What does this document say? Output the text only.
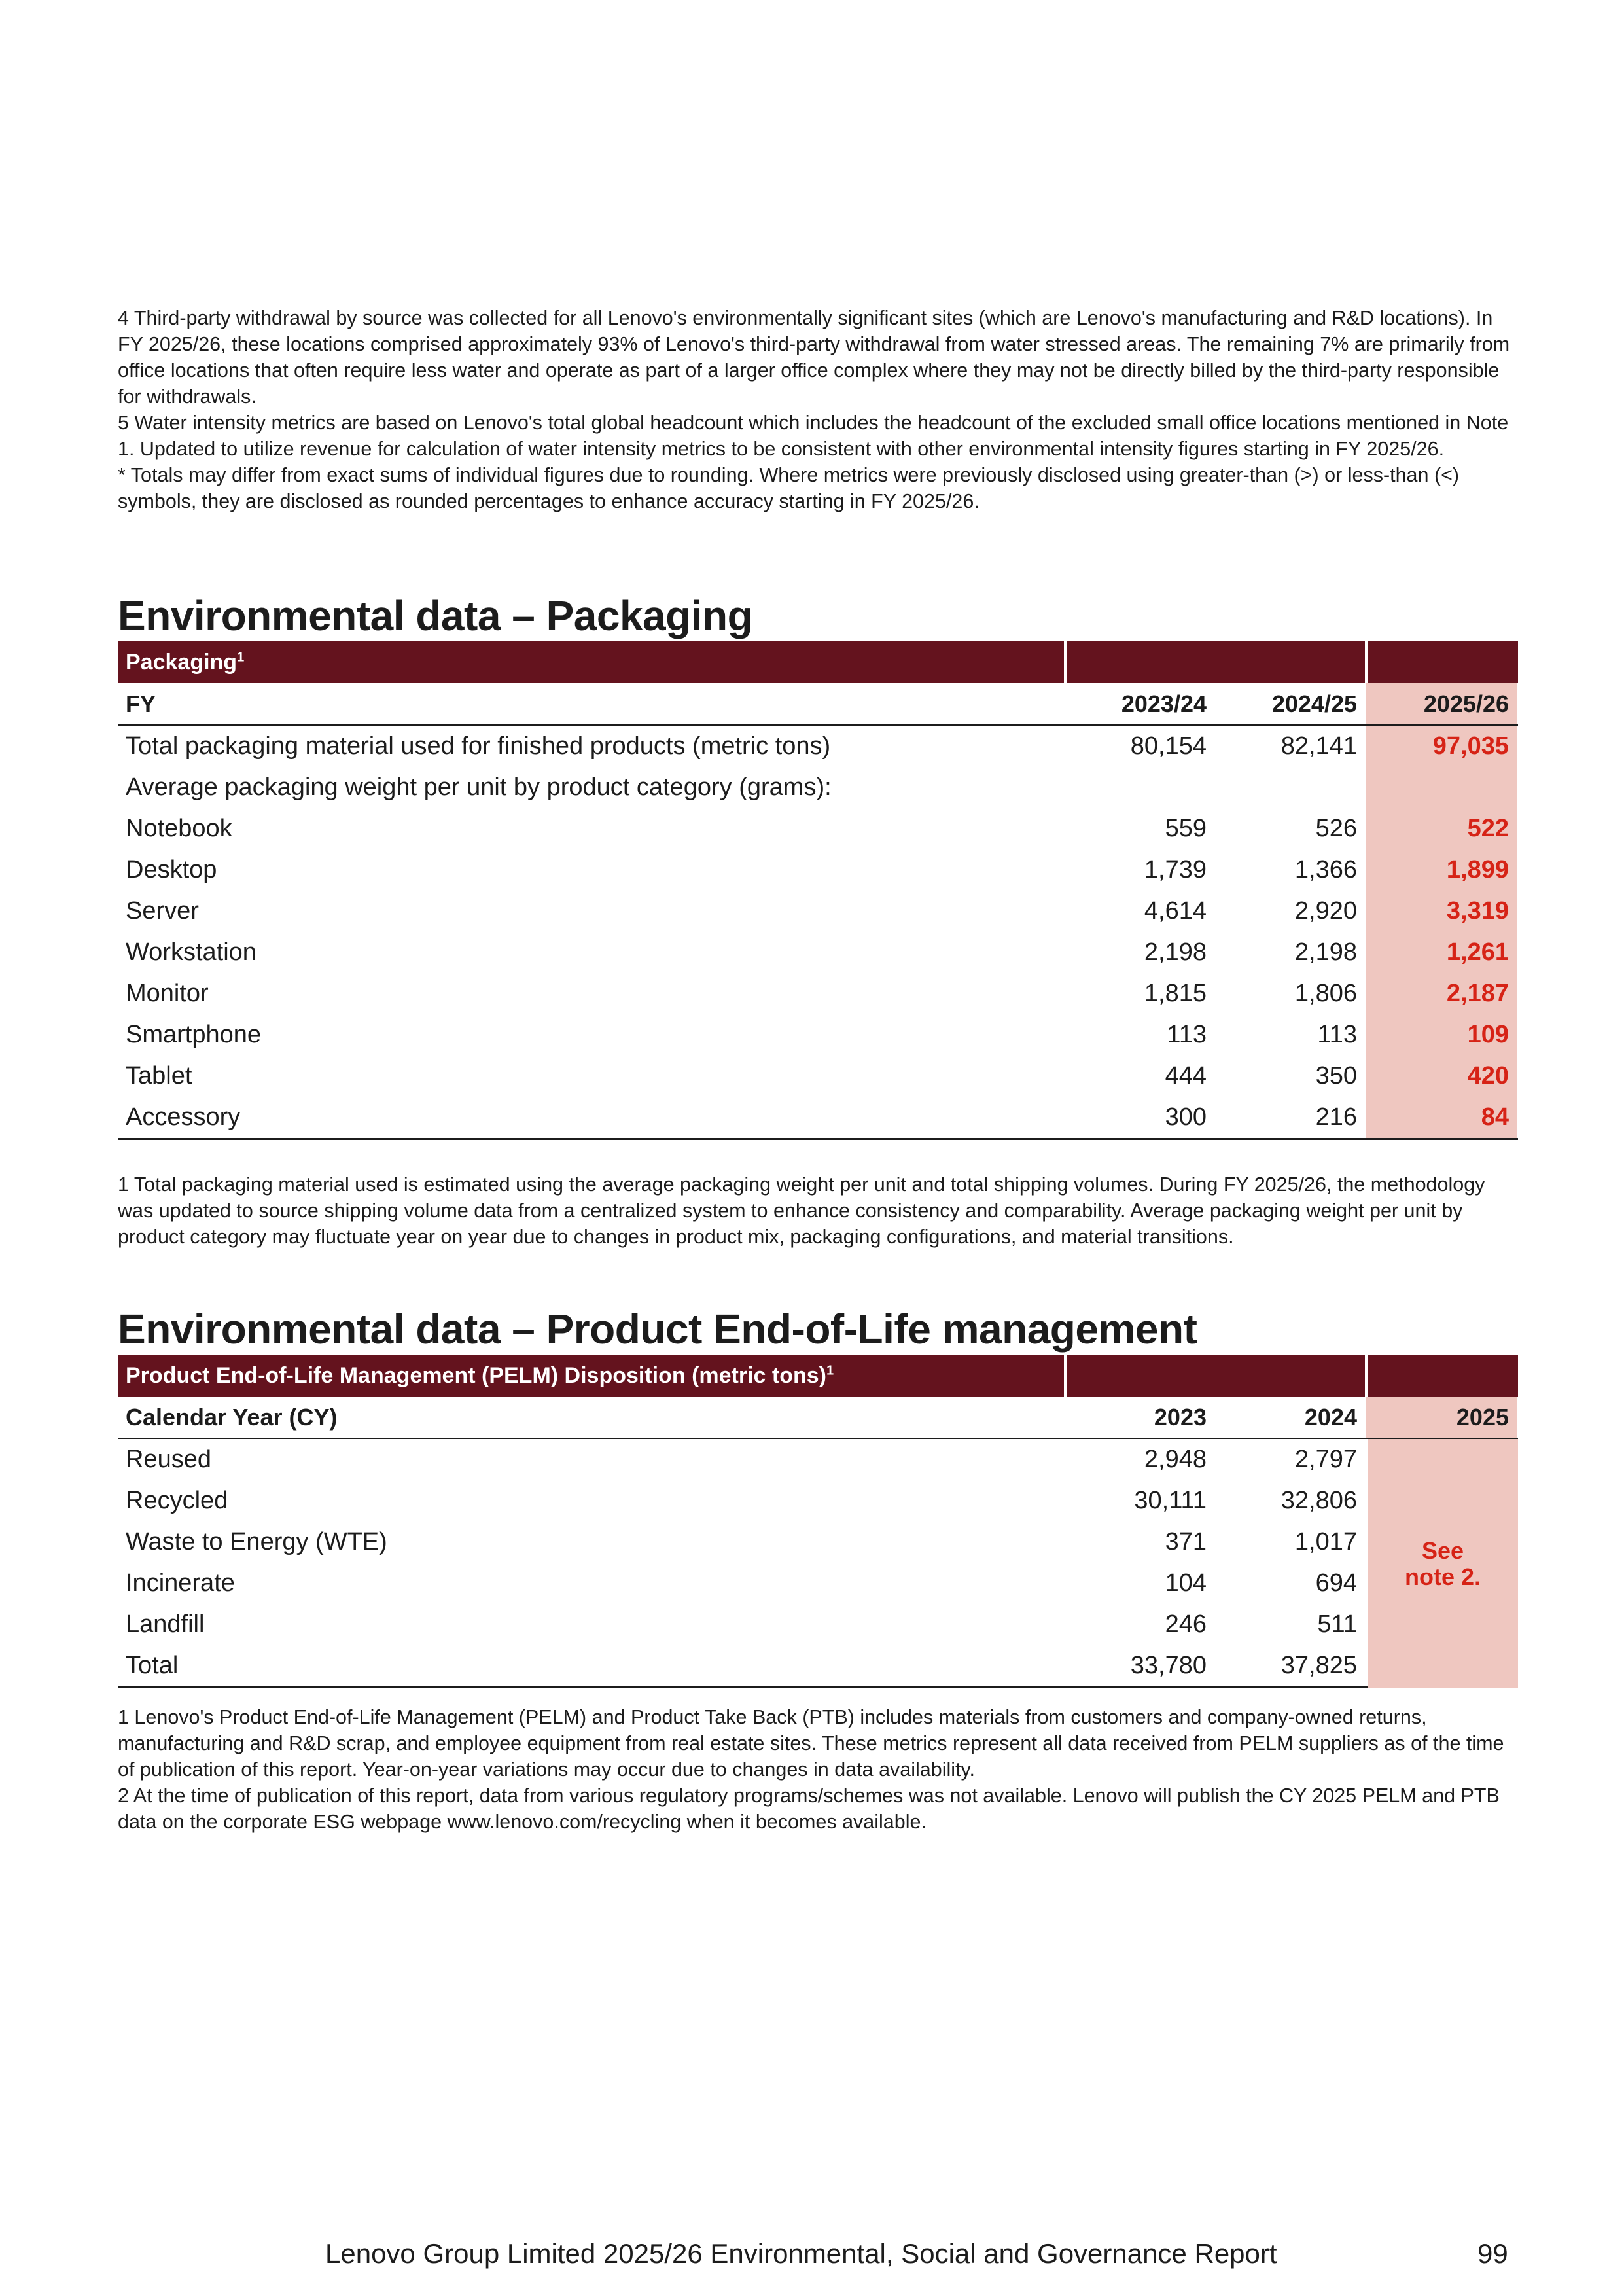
4 Third-party withdrawal by source was collected for all Lenovo's environmentally significant sites (which are Lenovo's manufacturing and R&D locations). In FY 2025/26, these locations comprised approximately 93% of Lenovo's third-party withdrawal from water stressed areas. The remaining 7% are primarily from office locations that often require less water and operate as part of a larger office complex where they may not be directly billed by the third-party responsible for withdrawals.

5 Water intensity metrics are based on Lenovo's total global headcount which includes the headcount of the excluded small office locations mentioned in Note 1. Updated to utilize revenue for calculation of water intensity metrics to be consistent with other environmental intensity figures starting in FY 2025/26.

* Totals may differ from exact sums of individual figures due to rounding. Where metrics were previously disclosed using greater-than (>) or less-than (<) symbols, they are disclosed as rounded percentages to enhance accuracy starting in FY 2025/26.

Environmental data – Packaging
Packaging$^1$
FY	2023/24	2024/25	2025/26
Total packaging material used for finished products (metric tons)	80,154	82,141	97,035
Average packaging weight per unit by product category (grams):
Notebook	559	526	522
Desktop	1,739	1,366	1,899
Server	4,614	2,920	3,319
Workstation	2,198	2,198	1,261
Monitor	1,815	1,806	2,187
Smartphone	113	113	109
Tablet	444	350	420
Accessory	300	216	84

1 Total packaging material used is estimated using the average packaging weight per unit and total shipping volumes. During FY 2025/26, the methodology was updated to source shipping volume data from a centralized system to enhance consistency and comparability. Average packaging weight per unit by product category may fluctuate year on year due to changes in product mix, packaging configurations, and material transitions.

Environmental data – Product End-of-Life management
Product End-of-Life Management (PELM) Disposition (metric tons)$^1$
Calendar Year (CY)	2023	2024	2025
Reused	2,948	2,797
Recycled	30,111	32,806
Waste to Energy (WTE)	371	1,017
Incinerate	104	694
Landfill	246	511
Total	33,780	37,825
See note 2.

1 Lenovo's Product End-of-Life Management (PELM) and Product Take Back (PTB) includes materials from customers and company-owned returns, manufacturing and R&D scrap, and employee equipment from real estate sites. These metrics represent all data received from PELM suppliers as of the time of publication of this report. Year-on-year variations may occur due to changes in data availability.

2 At the time of publication of this report, data from various regulatory programs/schemes was not available. Lenovo will publish the CY 2025 PELM and PTB data on the corporate ESG webpage www.lenovo.com/recycling when it becomes available.

Lenovo Group Limited 2025/26 Environmental, Social and Governance Report	99
